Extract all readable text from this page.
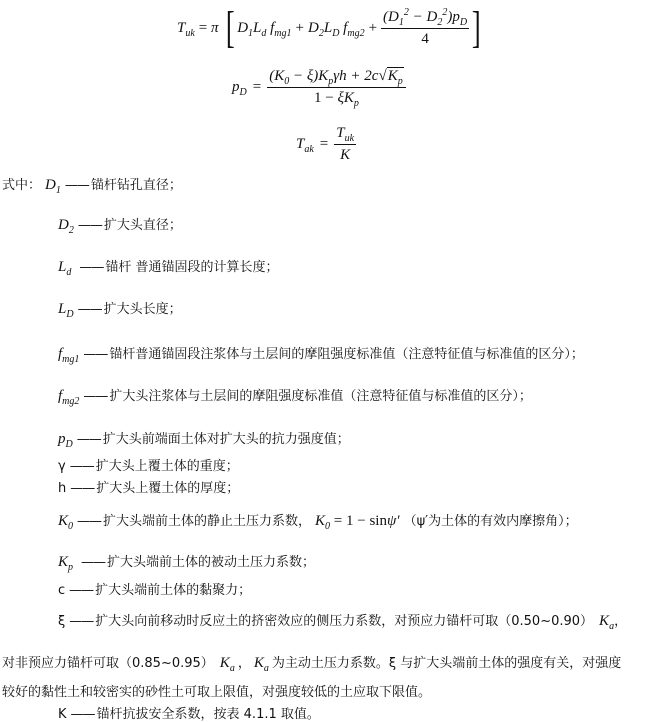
$T_{uk} = \pi$ [ $D_1L_d$ $f_{mg1} + D_2L_D$ $f_{mg2} + \frac{(D_1^2 - D_2^2)p_D}{4}$ ]
$p_D = \frac{(K_0 - \xi)K_p\gamma h + 2c√K_p}{1 - \xi K_p}$
$T_{ak} = \frac{T_{uk}}{K}$
式中： $D_1$ —— 锚杆钻孔直径；
$D_2$ —— 扩大头直径；
$L_d$ —— 锚杆 普通锚固段的计算长度；
$L_D$ —— 扩大头长度；
$f_{mg1}$ —— 锚杆普通锚固段注浆体与土层间的摩阻强度标准值（注意特征值与标准值的区分）；
$f_{mg2}$ —— 扩大头注浆体与土层间的摩阻强度标准值（注意特征值与标准值的区分）；
$p_D$ —— 扩大头前端面土体对扩大头的抗力强度值；
γ —— 扩大头上覆土体的重度；
h —— 扩大头上覆土体的厚度；
$K_0$ —— 扩大头端前土体的静止土压力系数， $K_0 = 1 - \sin\psi'$ （ψ′为土体的有效内摩擦角）；
$K_p$ —— 扩大头端前土体的被动土压力系数；
c —— 扩大头端前土体的黏聚力；
ξ —— 扩大头向前移动时反应土的挤密效应的侧压力系数，对预应力锚杆可取（0.50~0.90） $K_a$ ，
对非预应力锚杆可取（0.85~0.95） $K_a$ ， $K_a$ 为主动土压力系数。ξ 与扩大头端前土体的强度有关，对强度
较好的黏性土和较密实的砂性土可取上限值，对强度较低的土应取下限值。
K —— 锚杆抗拔安全系数，按表 4.1.1 取值。
